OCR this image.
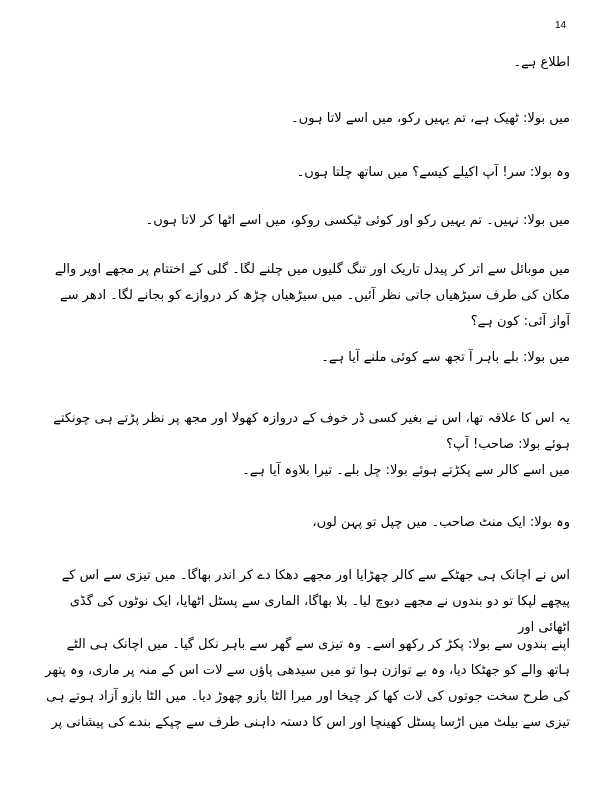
14

اطلاع ہے۔

میں بولا: ٹھیک ہے، تم یہیں رکو، میں اسے لاتا ہوں۔

وہ بولا: سر! آپ اکیلے کیسے؟ میں ساتھ چلتا ہوں۔

میں بولا: نہیں۔ تم یہیں رکو اور کوئی ٹیکسی روکو، میں اسے اٹھا کر لاتا ہوں۔

میں موبائل سے اتر کر پیدل تاریک اور تنگ گلیوں میں چلنے لگا۔ گلی کے اختتام پر مجھے اوپر والے مکان کی طرف سیڑھیاں جاتی نظر آئیں۔ میں سیڑھیاں چڑھ کر دروازے کو بجانے لگا۔ ادھر سے آواز آئی: کون ہے؟

میں بولا: بلے باہر آ تجھ سے کوئی ملنے آیا ہے۔

یہ اس کا علاقہ تھا، اس نے بغیر کسی ڈر خوف کے دروازہ کھولا اور مجھ پر نظر پڑتے ہی چونکتے ہوئے بولا: صاحب! آپ؟

میں اسے کالر سے پکڑتے ہوئے بولا: چل بلے۔ تیرا بلاوہ آیا ہے۔

وہ بولا: ایک منٹ صاحب۔ میں چپل تو پہن لوں،

اس نے اچانک ہی جھٹکے سے کالر چھڑایا اور مجھے دھکا دے کر اندر بھاگا۔ میں تیزی سے اس کے پیچھے لپکا تو دو بندوں نے مجھے دبوچ لیا۔ بلا بھاگا، الماری سے پسٹل اٹھایا، ایک نوٹوں کی گڈی اٹھائی اور

اپنے بندوں سے بولا: پکڑ کر رکھو اسے۔ وہ تیزی سے گھر سے باہر نکل گیا۔ میں اچانک ہی الٹے ہاتھ والے کو جھٹکا دیا، وہ بے توازن ہوا تو میں سیدھی پاؤں سے لات اس کے منہ پر ماری، وہ پتھر کی طرح سخت جوتوں کی لات کھا کر چیخا اور میرا الٹا بازو چھوڑ دیا۔ میں الٹا بازو آزاد ہوتے ہی تیزی سے بیلٹ میں اڑسا پسٹل کھینچا اور اس کا دستہ داہنی طرف سے چپکے بندے کی پیشانی پر
